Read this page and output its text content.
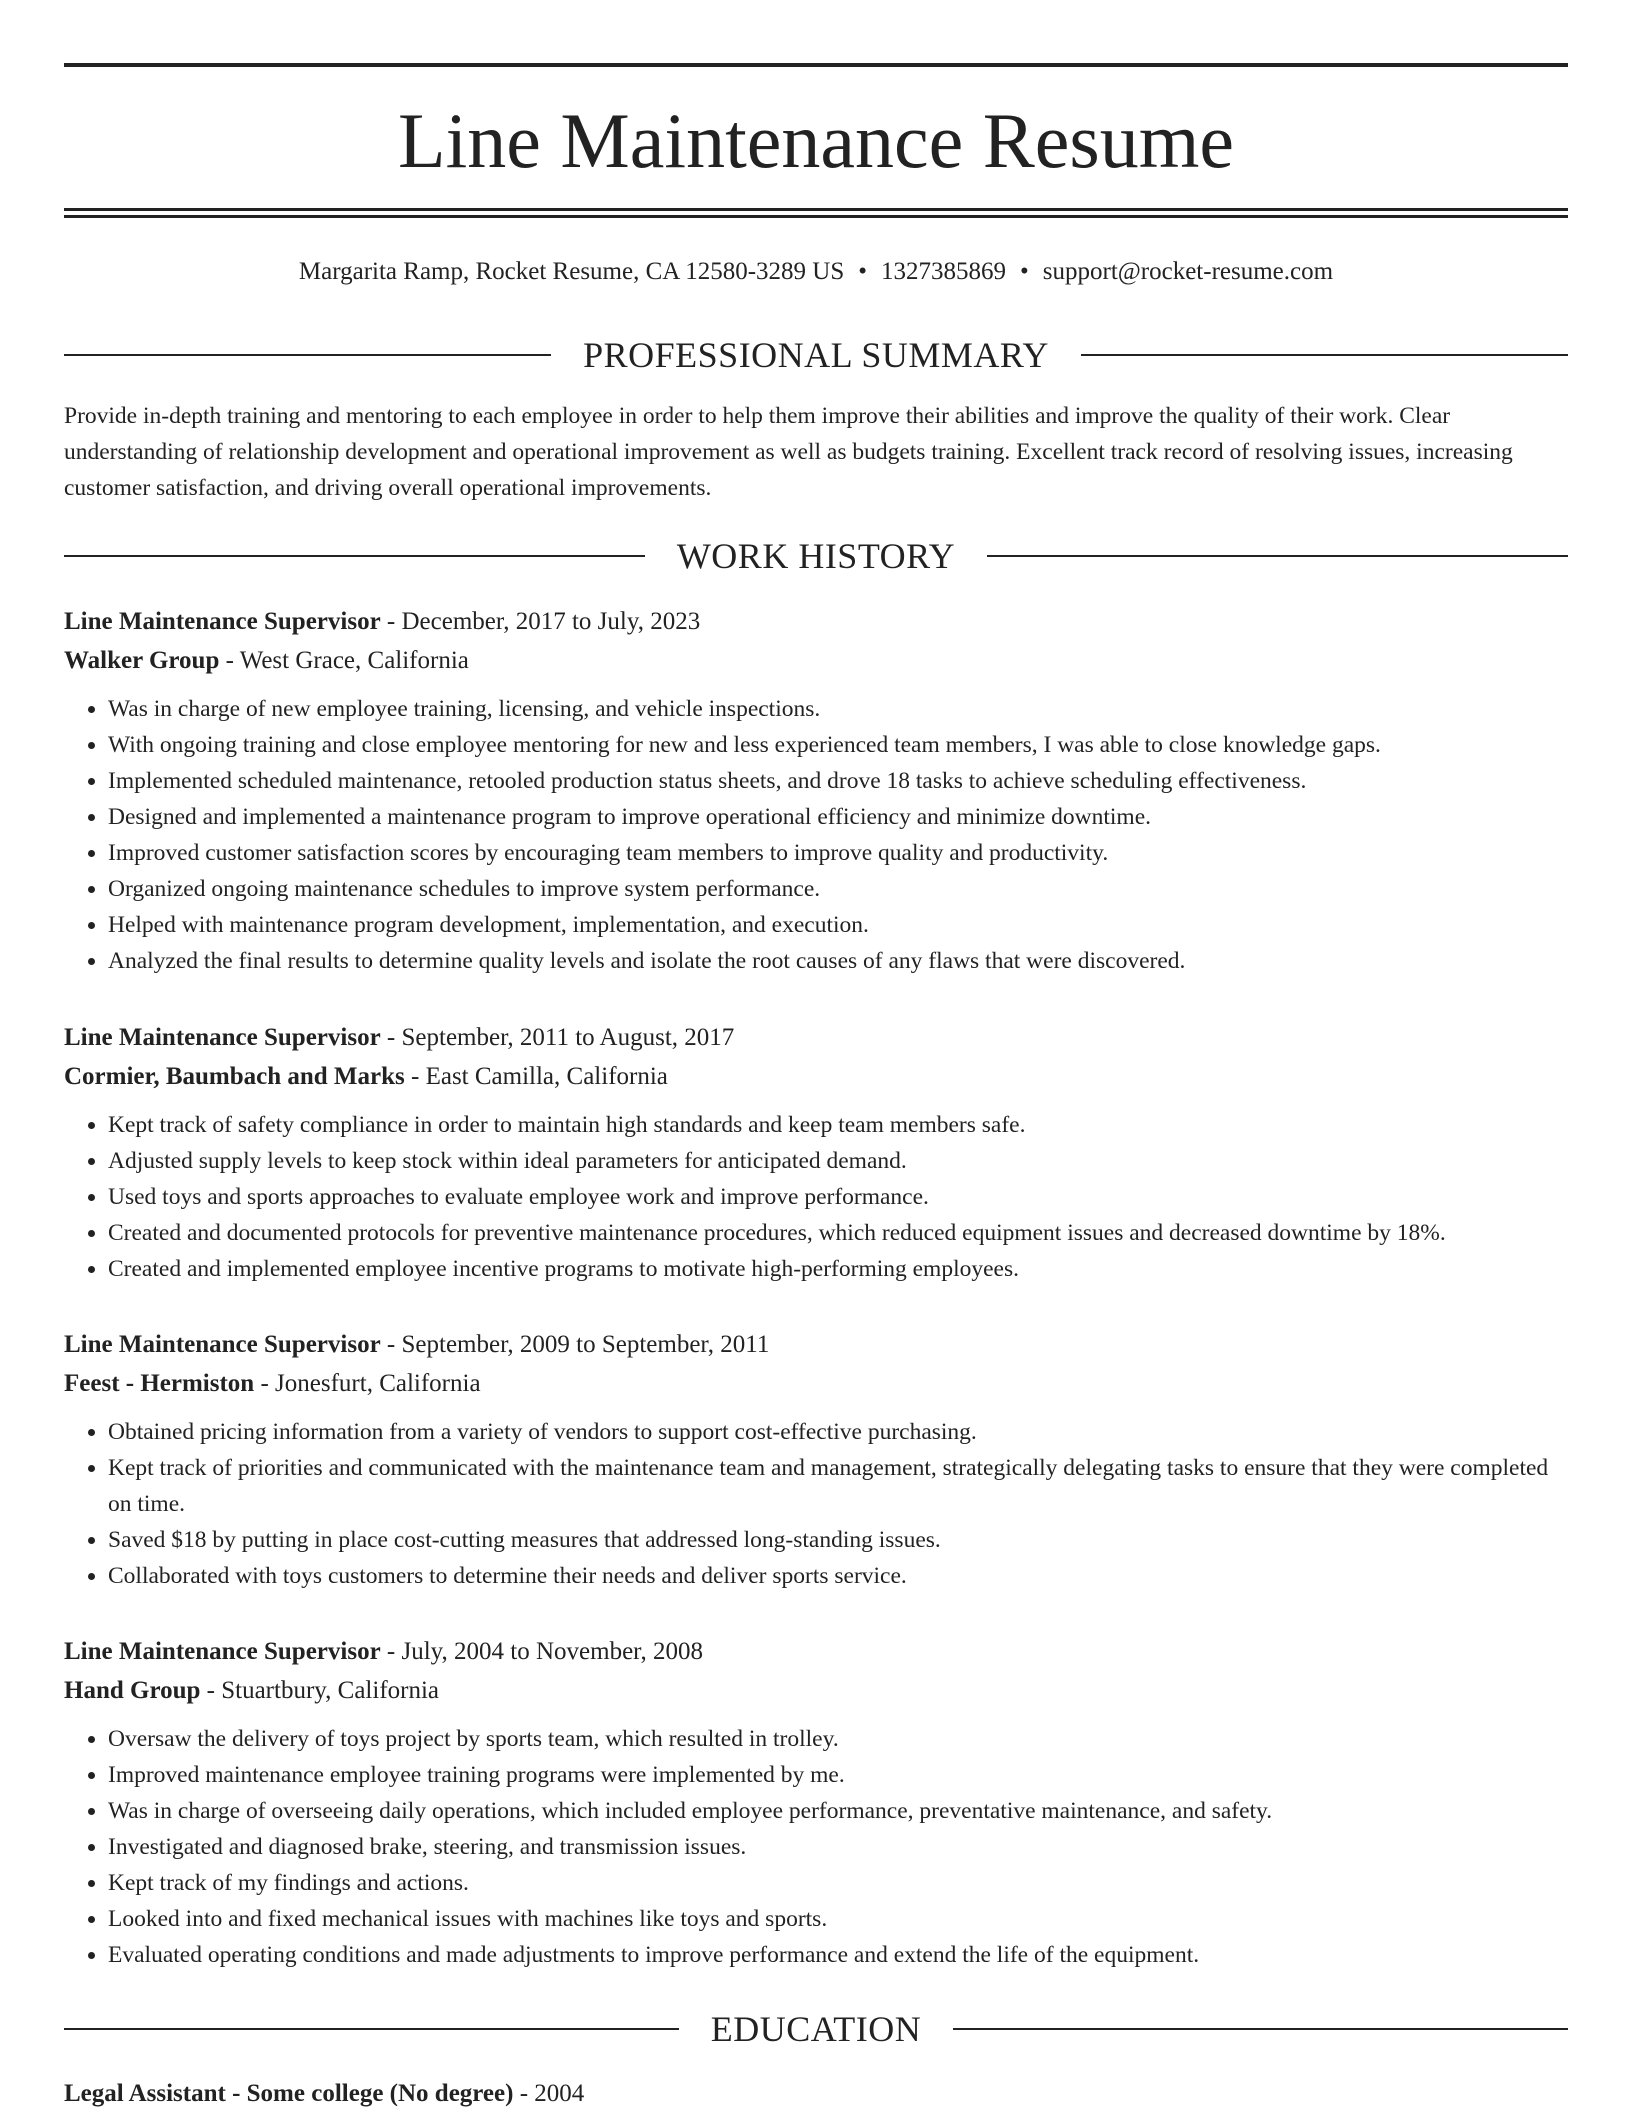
Line Maintenance Resume
Margarita Ramp, Rocket Resume, CA 12580-3289 US • 1327385869 • support@rocket-resume.com
PROFESSIONAL SUMMARY

Provide in-depth training and mentoring to each employee in order to help them improve their abilities and improve the quality of their work. Clear understanding of relationship development and operational improvement as well as budgets training. Excellent track record of resolving issues, increasing customer satisfaction, and driving overall operational improvements.

WORK HISTORY

Line Maintenance Supervisor - December, 2017 to July, 2023

Walker Group - West Grace, California

• Was in charge of new employee training, licensing, and vehicle inspections.
• With ongoing training and close employee mentoring for new and less experienced team members, I was able to close knowledge gaps.
• Implemented scheduled maintenance, retooled production status sheets, and drove 18 tasks to achieve scheduling effectiveness.
• Designed and implemented a maintenance program to improve operational efficiency and minimize downtime.
• Improved customer satisfaction scores by encouraging team members to improve quality and productivity.
• Organized ongoing maintenance schedules to improve system performance.
• Helped with maintenance program development, implementation, and execution.
• Analyzed the final results to determine quality levels and isolate the root causes of any flaws that were discovered.

Line Maintenance Supervisor - September, 2011 to August, 2017

Cormier, Baumbach and Marks - East Camilla, California

• Kept track of safety compliance in order to maintain high standards and keep team members safe.
• Adjusted supply levels to keep stock within ideal parameters for anticipated demand.
• Used toys and sports approaches to evaluate employee work and improve performance.
• Created and documented protocols for preventive maintenance procedures, which reduced equipment issues and decreased downtime by 18%.
• Created and implemented employee incentive programs to motivate high-performing employees.

Line Maintenance Supervisor - September, 2009 to September, 2011

Feest - Hermiston - Jonesfurt, California

• Obtained pricing information from a variety of vendors to support cost-effective purchasing.
• Kept track of priorities and communicated with the maintenance team and management, strategically delegating tasks to ensure that they were completed on time.
• Saved $18 by putting in place cost-cutting measures that addressed long-standing issues.
• Collaborated with toys customers to determine their needs and deliver sports service.

Line Maintenance Supervisor - July, 2004 to November, 2008

Hand Group - Stuartbury, California

• Oversaw the delivery of toys project by sports team, which resulted in trolley.
• Improved maintenance employee training programs were implemented by me.
• Was in charge of overseeing daily operations, which included employee performance, preventative maintenance, and safety.
• Investigated and diagnosed brake, steering, and transmission issues.
• Kept track of my findings and actions.
• Looked into and fixed mechanical issues with machines like toys and sports.
• Evaluated operating conditions and made adjustments to improve performance and extend the life of the equipment.
EDUCATION

Legal Assistant - Some college (No degree) - 2004
